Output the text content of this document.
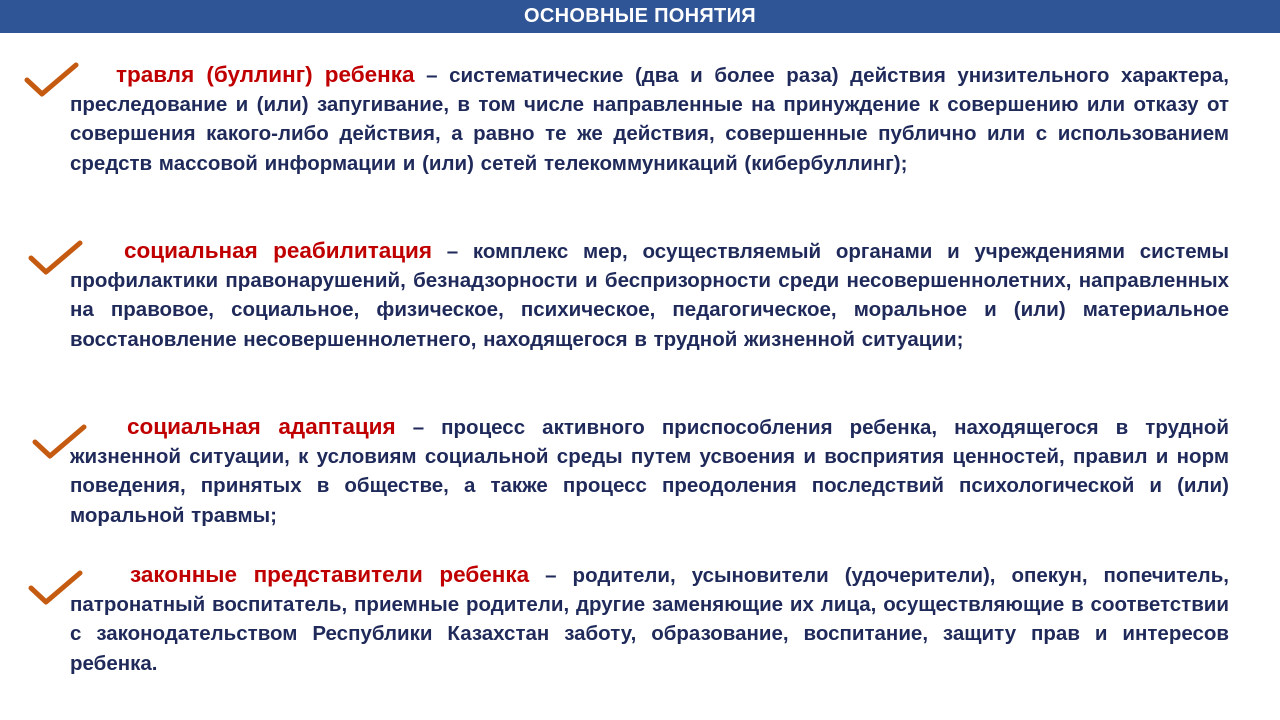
ОСНОВНЫЕ ПОНЯТИЯ

травля (буллинг) ребенка – систематические (два и более раза) действия унизительного характера, преследование и (или) запугивание, в том числе направленные на принуждение к совершению или отказу от совершения какого-либо действия, а равно те же действия, совершенные публично или с использованием средств массовой информации и (или) сетей телекоммуникаций (кибербуллинг);

социальная реабилитация – комплекс мер, осуществляемый органами и учреждениями системы профилактики правонарушений, безнадзорности и беспризорности среди несовершеннолетних, направленных на правовое, социальное, физическое, психическое, педагогическое, моральное и (или) материальное восстановление несовершеннолетнего, находящегося в трудной жизненной ситуации;

социальная адаптация – процесс активного приспособления ребенка, находящегося в трудной жизненной ситуации, к условиям социальной среды путем усвоения и восприятия ценностей, правил и норм поведения, принятых в обществе, а также процесс преодоления последствий психологической и (или) моральной травмы;

законные представители ребенка – родители, усыновители (удочерители), опекун, попечитель, патронатный воспитатель, приемные родители, другие заменяющие их лица, осуществляющие в соответствии с законодательством Республики Казахстан заботу, образование, воспитание, защиту прав и интересов ребенка.
